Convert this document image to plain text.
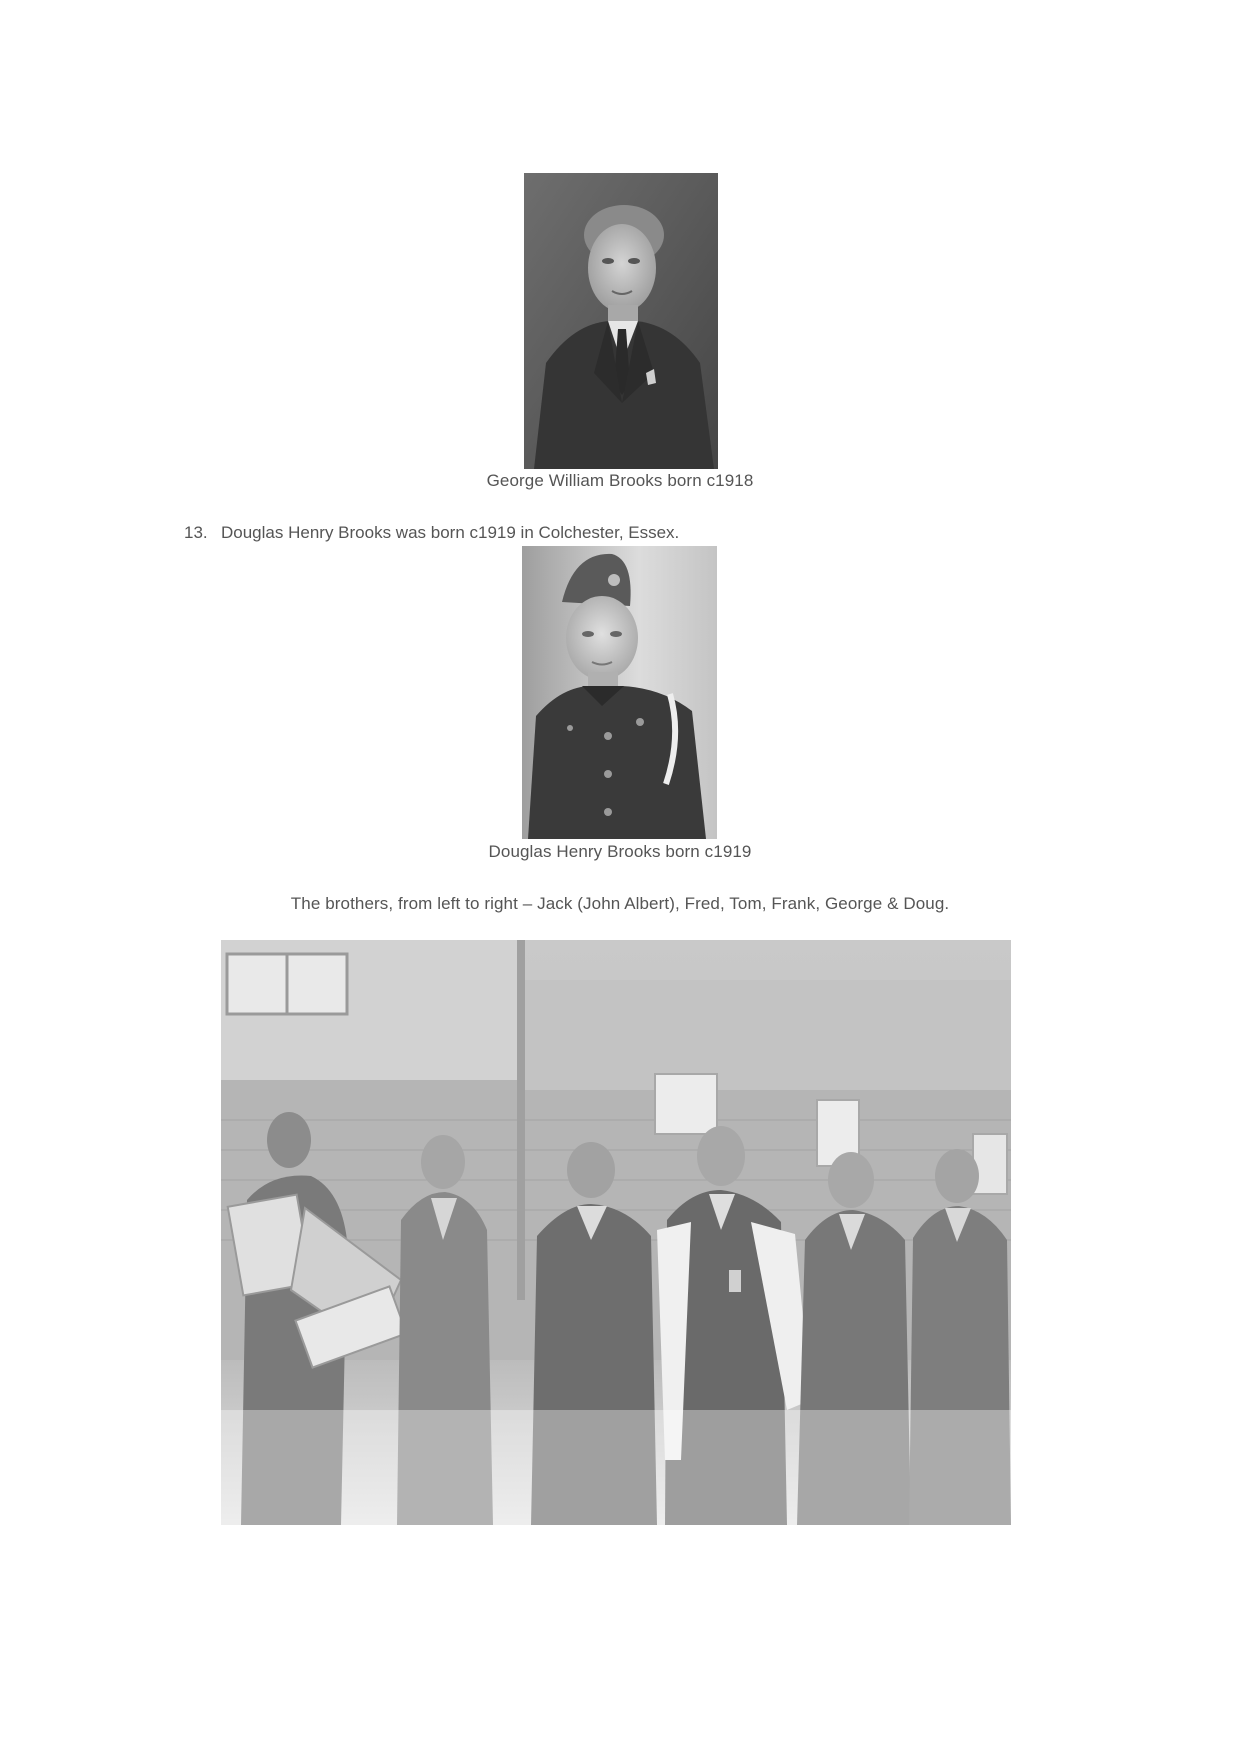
George William Brooks born c1918
13. Douglas Henry Brooks was born c1919 in Colchester, Essex.
Douglas Henry Brooks born c1919
The brothers, from left to right – Jack (John Albert), Fred, Tom, Frank, George & Doug.
